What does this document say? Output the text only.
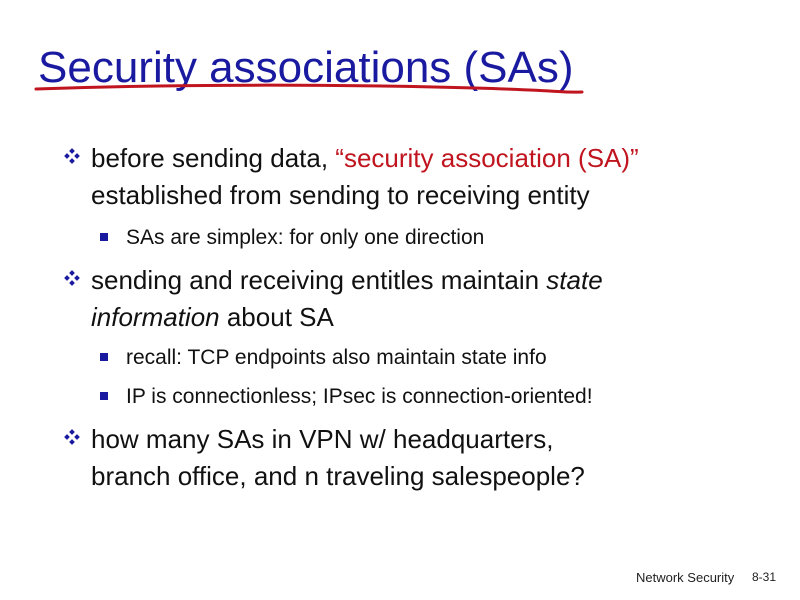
Security associations (SAs)
before sending data, “security association (SA)”
established from sending to receiving entity
SAs are simplex: for only one direction
sending and receiving entitles maintain state
information about SA
recall: TCP endpoints also maintain state info
IP is connectionless; IPsec is connection-oriented!
how many SAs in VPN w/ headquarters,
branch office, and n traveling salespeople?
Network Security 8-31
